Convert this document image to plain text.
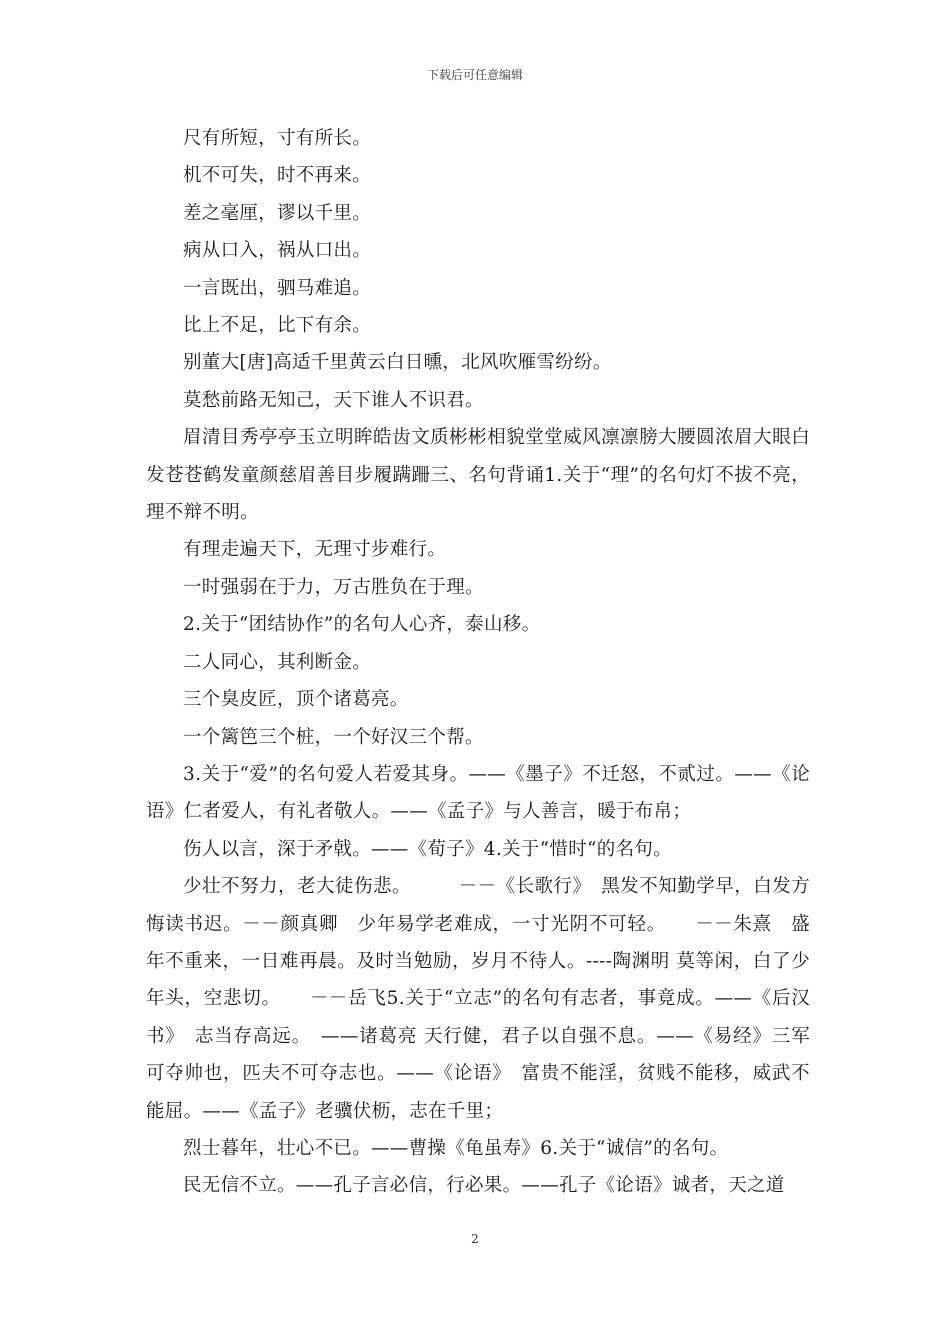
下载后可任意编辑

尺有所短，寸有所长。

机不可失，时不再来。

差之毫厘，谬以千里。

病从口入，祸从口出。

一言既出，驷马难追。

比上不足，比下有余。

别董大[唐]高适千里黄云白日曛，北风吹雁雪纷纷。

莫愁前路无知己，天下谁人不识君。

眉清目秀亭亭玉立明眸皓齿文质彬彬相貌堂堂威风凛凛膀大腰圆浓眉大眼白发苍苍鹤发童颜慈眉善目步履蹒跚三、名句背诵1.关于“理”的名句灯不拔不亮，理不辩不明。

有理走遍天下，无理寸步难行。

一时强弱在于力，万古胜负在于理。

2.关于“团结协作”的名句人心齐，泰山移。

二人同心，其利断金。

三个臭皮匠，顶个诸葛亮。

一个篱笆三个桩，一个好汉三个帮。

3.关于“爱”的名句爱人若爱其身。——《墨子》不迁怒，不贰过。——《论语》仁者爱人，有礼者敬人。——《孟子》与人善言，暖于布帛；

伤人以言，深于矛戟。——《荀子》4.关于“惜时“的名句。

少壮不努力，老大徒伤悲。　　　－－《长歌行》　黑发不知勤学早，白发方悔读书迟。－－颜真卿　少年易学老难成，一寸光阴不可轻。　　－－朱熹　盛年不重来，一日难再晨。及时当勉励，岁月不待人。----陶渊明 莫等闲，白了少年头，空悲切。　　－－岳飞5.关于“立志”的名句有志者，事竟成。——《后汉书》　志当存高远。　——诸葛亮 天行健，君子以自强不息。——《易经》三军可夺帅也，匹夫不可夺志也。——《论语》　富贵不能淫，贫贱不能移，威武不能屈。——《孟子》老骥伏枥，志在千里；

烈士暮年，壮心不已。——曹操《龟虽寿》6.关于“诚信”的名句。

民无信不立。——孔子言必信，行必果。——孔子《论语》诚者，天之道

2
